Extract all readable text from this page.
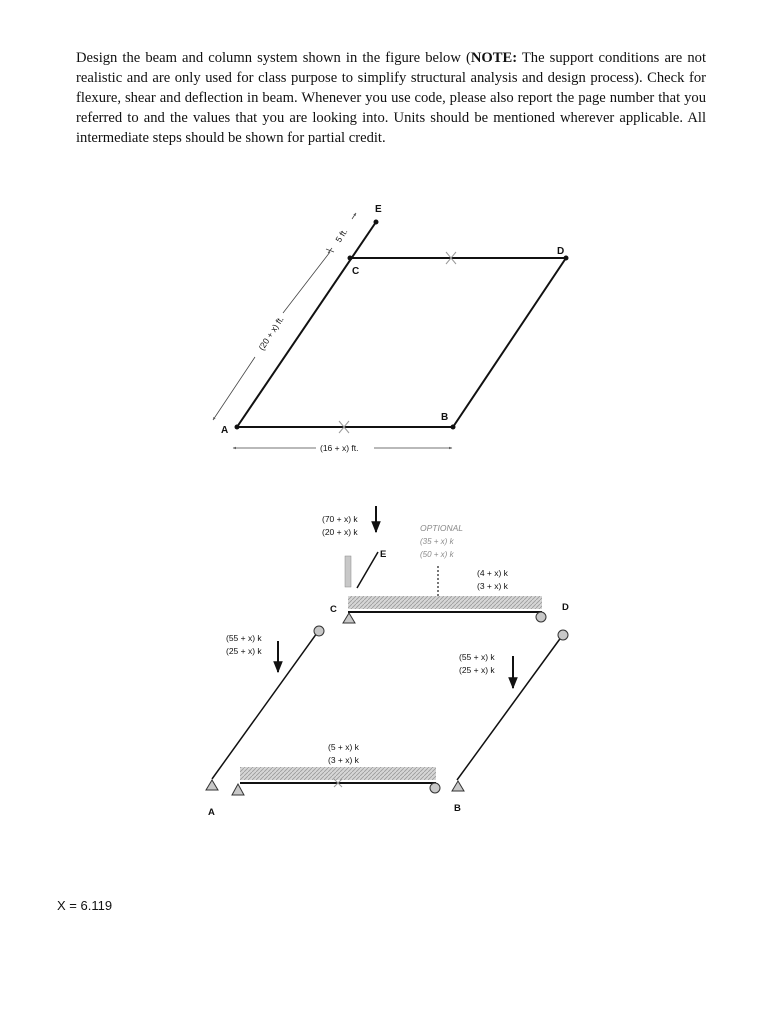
Design the beam and column system shown in the figure below (NOTE: The support conditions are not realistic and are only used for class purpose to simplify structural analysis and design process). Check for flexure, shear and deflection in beam. Whenever you use code, please also report the page number that you referred to and the values that you are looking into. Units should be mentioned wherever applicable. All intermediate steps should be shown for partial credit.
A
B
C
D
E
(16 + x) ft.
(20 + x) ft.
5 ft.
(70 + x) k
(20 + x) k
E
OPTIONAL
(35 + x) k
(50 + x) k
(4 + x) k
(3 + x) k
C	D
(55 + x) k
(25 + x) k
(55 + x) k
(25 + x) k
(5 + x) k
(3 + x) k
A	B
X = 6.119
